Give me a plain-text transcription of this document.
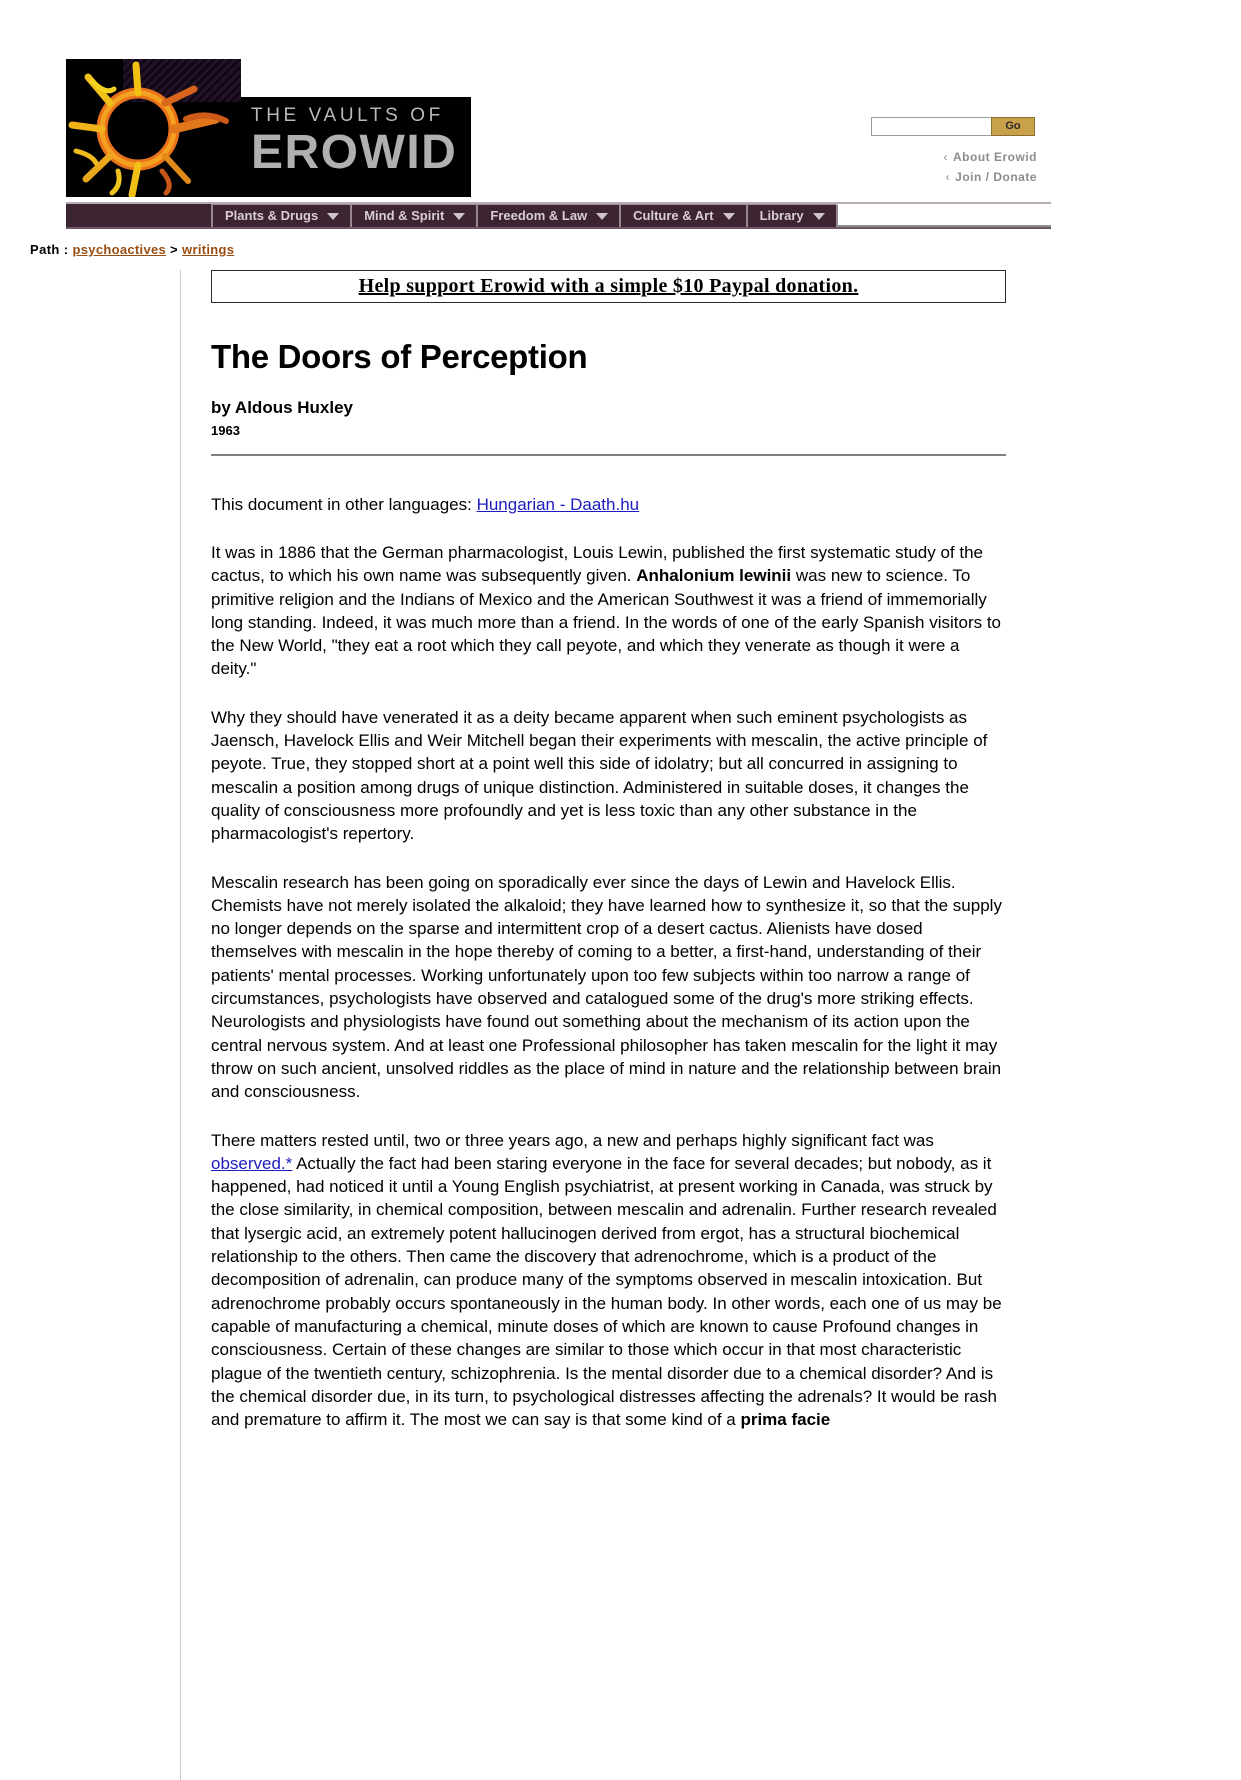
THE VAULTS OF
EROWID	Go
‹ About Erowid
‹ Join / Donate
Plants & Drugs	Mind & Spirit	Freedom & Law	Culture & Art	Library
Path : psychoactives > writings
Help support Erowid with a simple $10 Paypal donation.
The Doors of Perception
by Aldous Huxley
1963
This document in other languages: Hungarian - Daath.hu
It was in 1886 that the German pharmacologist, Louis Lewin, published the first systematic study of the cactus, to which his own name was subsequently given. Anhalonium lewinii was new to science. To primitive religion and the Indians of Mexico and the American Southwest it was a friend of immemorially long standing. Indeed, it was much more than a friend. In the words of one of the early Spanish visitors to the New World, "they eat a root which they call peyote, and which they venerate as though it were a deity."
Why they should have venerated it as a deity became apparent when such eminent psychologists as Jaensch, Havelock Ellis and Weir Mitchell began their experiments with mescalin, the active principle of peyote. True, they stopped short at a point well this side of idolatry; but all concurred in assigning to mescalin a position among drugs of unique distinction. Administered in suitable doses, it changes the quality of consciousness more profoundly and yet is less toxic than any other substance in the pharmacologist's repertory.
Mescalin research has been going on sporadically ever since the days of Lewin and Havelock Ellis. Chemists have not merely isolated the alkaloid; they have learned how to synthesize it, so that the supply no longer depends on the sparse and intermittent crop of a desert cactus. Alienists have dosed themselves with mescalin in the hope thereby of coming to a better, a first-hand, understanding of their patients' mental processes. Working unfortunately upon too few subjects within too narrow a range of circumstances, psychologists have observed and catalogued some of the drug's more striking effects. Neurologists and physiologists have found out something about the mechanism of its action upon the central nervous system. And at least one Professional philosopher has taken mescalin for the light it may throw on such ancient, unsolved riddles as the place of mind in nature and the relationship between brain and consciousness.
There matters rested until, two or three years ago, a new and perhaps highly significant fact was observed.* Actually the fact had been staring everyone in the face for several decades; but nobody, as it happened, had noticed it until a Young English psychiatrist, at present working in Canada, was struck by the close similarity, in chemical composition, between mescalin and adrenalin. Further research revealed that lysergic acid, an extremely potent hallucinogen derived from ergot, has a structural biochemical relationship to the others. Then came the discovery that adrenochrome, which is a product of the decomposition of adrenalin, can produce many of the symptoms observed in mescalin intoxication. But adrenochrome probably occurs spontaneously in the human body. In other words, each one of us may be capable of manufacturing a chemical, minute doses of which are known to cause Profound changes in consciousness. Certain of these changes are similar to those which occur in that most characteristic plague of the twentieth century, schizophrenia. Is the mental disorder due to a chemical disorder? And is the chemical disorder due, in its turn, to psychological distresses affecting the adrenals? It would be rash and premature to affirm it. The most we can say is that some kind of a prima facie
